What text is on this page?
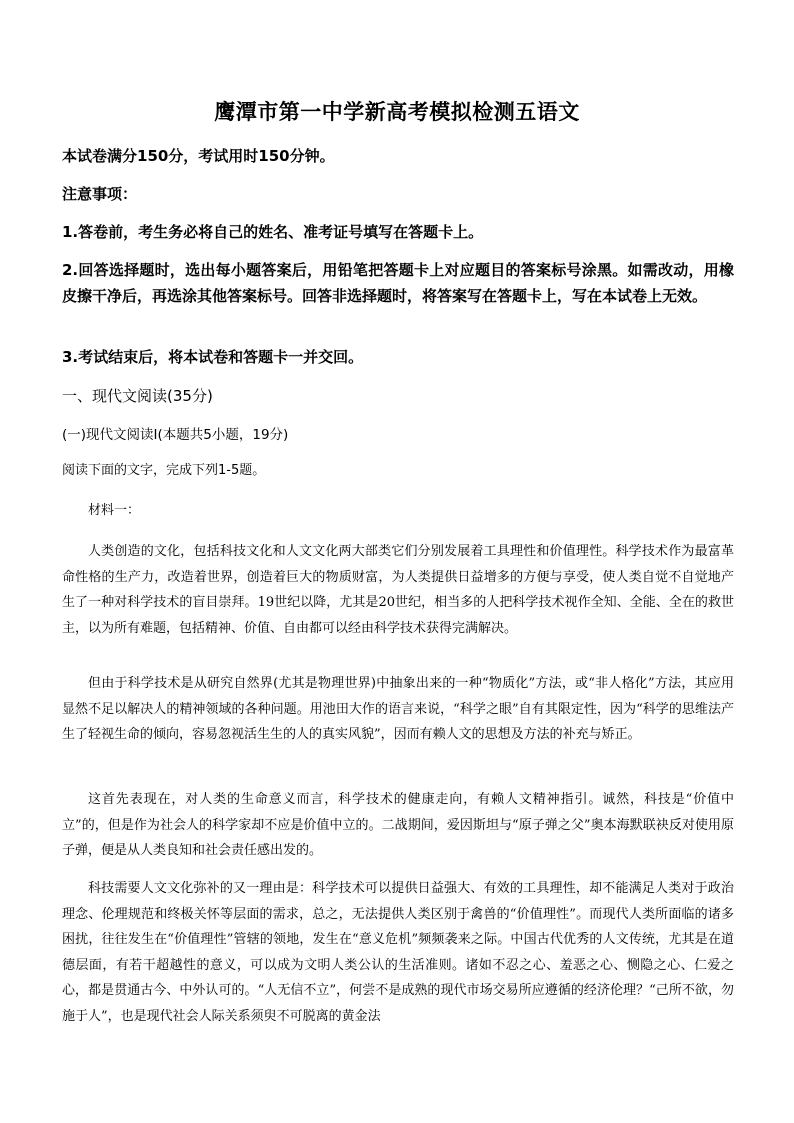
鹰潭市第一中学新高考模拟检测五语文
本试卷满分150分，考试用时150分钟。
注意事项：
1.答卷前，考生务必将自己的姓名、准考证号填写在答题卡上。
2.回答选择题时，选出每小题答案后，用铅笔把答题卡上对应题目的答案标号涂黑。如需改动，用橡皮擦干净后，再选涂其他答案标号。回答非选择题时，将答案写在答题卡上，写在本试卷上无效。
3.考试结束后，将本试卷和答题卡一并交回。
一、现代文阅读(35分)
(一)现代文阅读Ⅰ(本题共5小题，19分)
阅读下面的文字，完成下列1-5题。
材料一：
人类创造的文化，包括科技文化和人文文化两大部类它们分别发展着工具理性和价值理性。科学技术作为最富革命性格的生产力，改造着世界，创造着巨大的物质财富，为人类提供日益增多的方便与享受，使人类自觉不自觉地产生了一种对科学技术的盲目崇拜。19世纪以降，尤其是20世纪，相当多的人把科学技术视作全知、全能、全在的救世主，以为所有难题，包括精神、价值、自由都可以经由科学技术获得完满解决。
但由于科学技术是从研究自然界(尤其是物理世界)中抽象出来的一种“物质化”方法，或“非人格化”方法，其应用显然不足以解决人的精神领域的各种问题。用池田大作的语言来说，“科学之眼”自有其限定性，因为“科学的思维法产生了轻视生命的倾向，容易忽视活生生的人的真实风貌”，因而有赖人文的思想及方法的补充与矫正。
这首先表现在，对人类的生命意义而言，科学技术的健康走向，有赖人文精神指引。诚然，科技是“价值中立”的，但是作为社会人的科学家却不应是价值中立的。二战期间，爱因斯坦与“原子弹之父”奥本海默联袂反对使用原子弹，便是从人类良知和社会责任感出发的。
科技需要人文文化弥补的又一理由是：科学技术可以提供日益强大、有效的工具理性，却不能满足人类对于政治理念、伦理规范和终极关怀等层面的需求，总之，无法提供人类区别于禽兽的“价值理性”。而现代人类所面临的诸多困扰，往往发生在“价值理性”管辖的领地，发生在“意义危机”频频袭来之际。中国古代优秀的人文传统，尤其是在道德层面，有若干超越性的意义，可以成为文明人类公认的生活准则。诸如不忍之心、羞恶之心、恻隐之心、仁爱之心，都是贯通古今、中外认可的。“人无信不立”，何尝不是成熟的现代市场交易所应遵循的经济伦理？“己所不欲，勿施于人”，也是现代社会人际关系须臾不可脱离的黄金法
